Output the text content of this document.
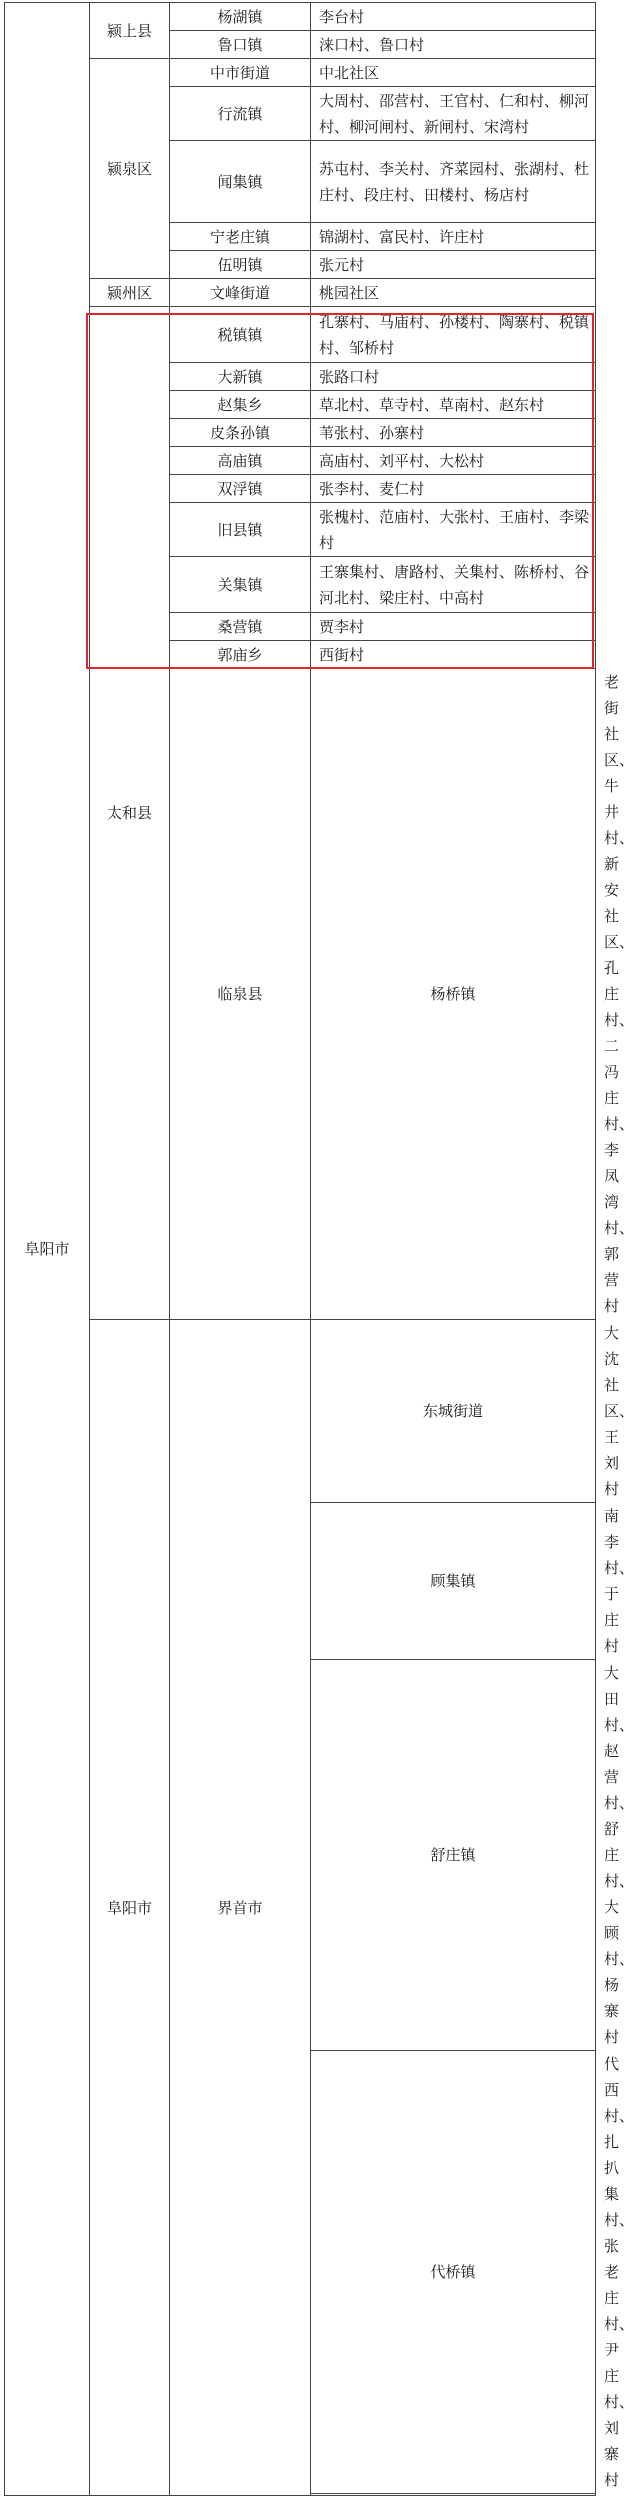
阜阳市	颍上县	杨湖镇	李台村	
		鲁口镇	涞口村、鲁口村	
	颍泉区	中市街道	中北社区	
		行流镇	大周村、邵营村、王官村、仁和村、柳河村、柳河闸村、新闸村、宋湾村	
		闻集镇	苏屯村、李关村、齐菜园村、张湖村、杜庄村、段庄村、田楼村、杨店村	
		宁老庄镇	锦湖村、富民村、许庄村	
		伍明镇	张元村	
	颍州区	文峰街道	桃园社区	
	太和县	税镇镇	孔寨村、马庙村、孙楼村、陶寨村、税镇村、邹桥村	
		大新镇	张路口村	
		赵集乡	草北村、草寺村、草南村、赵东村	
		皮条孙镇	苇张村、孙寨村	
		高庙镇	高庙村、刘平村、大松村	
		双浮镇	张李村、麦仁村	
		旧县镇	张槐村、范庙村、大张村、王庙村、李梁村	
		关集镇	王寨集村、唐路村、关集村、陈桥村、谷河北村、梁庄村、中高村	
		桑营镇	贾李村	
		郭庙乡	西街村	
		临泉县	杨桥镇	老街社区、牛井村、新安社区、孔庄村、二冯庄村、李凤湾村、郭营村
	阜阳市	界首市	东城街道	大沈社区、王刘村
			顾集镇	南李村、于庄村
			舒庄镇	大田村、赵营村、舒庄村、大顾村、杨寨村
			代桥镇	代西村、扎扒集村、张老庄村、尹庄村、刘寨村
